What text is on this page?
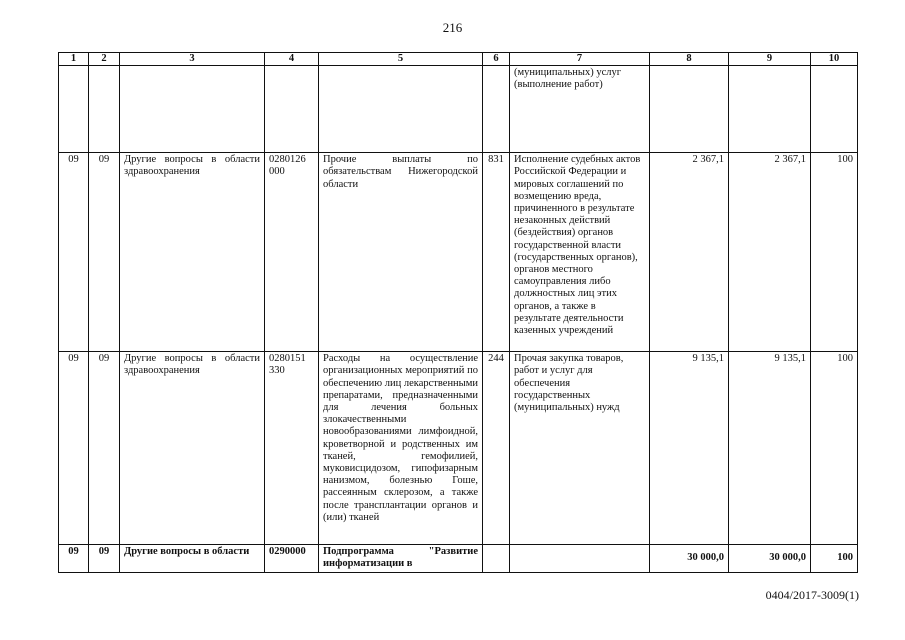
216
1	2	3	4	5	6	7	8	9	10
						(муниципальных) услуг (выполнение работ)			
09	09	Другие вопросы в области здравоохранения	0280126 000	Прочие выплаты по обязательствам Нижегородской области	831	Исполнение судебных актов Российской Федерации и мировых соглашений по возмещению вреда, причиненного в результате незаконных действий (бездействия) органов государственной власти (государственных органов), органов местного самоуправления либо должностных лиц этих органов, а также в результате деятельности казенных учреждений	2 367,1	2 367,1	100
09	09	Другие вопросы в области здравоохранения	0280151 330	Расходы на осуществление организационных мероприятий по обеспечению лиц лекарственными препаратами, предназначенными для лечения больных злокачественными новообразованиями лимфоидной, кроветворной и родственных им тканей, гемофилией, муковисцидозом, гипофизарным нанизмом, болезнью Гоше, рассеянным склерозом, а также после трансплантации органов и (или) тканей	244	Прочая закупка товаров, работ и услуг для обеспечения государственных (муниципальных) нужд	9 135,1	9 135,1	100
09	09	Другие вопросы в области	0290000	Подпрограмма "Развитие информатизации в			30 000,0	30 000,0	100
0404/2017-3009(1)
